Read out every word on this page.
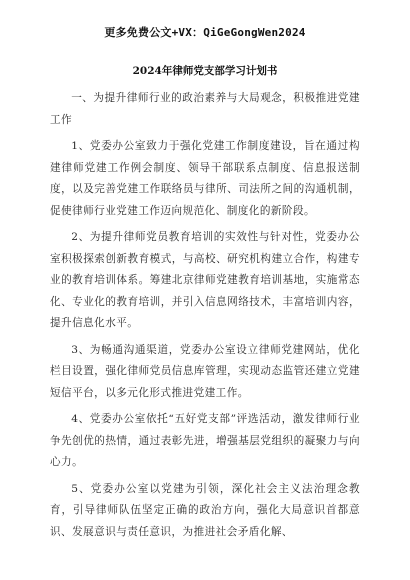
更多免费公文+VX：QiGeGongWen2024
2024年律师党支部学习计划书

一、为提升律师行业的政治素养与大局观念，积极推进党建工作

1、党委办公室致力于强化党建工作制度建设，旨在通过构建律师党建工作例会制度、领导干部联系点制度、信息报送制度，以及完善党建工作联络员与律所、司法所之间的沟通机制，促使律师行业党建工作迈向规范化、制度化的新阶段。

2、为提升律师党员教育培训的实效性与针对性，党委办公室积极探索创新教育模式，与高校、研究机构建立合作，构建专业的教育培训体系。筹建北京律师党建教育培训基地，实施常态化、专业化的教育培训，并引入信息网络技术，丰富培训内容，提升信息化水平。

3、为畅通沟通渠道，党委办公室设立律师党建网站，优化栏目设置，强化律师党员信息库管理，实现动态监管还建立党建短信平台，以多元化形式推进党建工作。

4、党委办公室依托“五好党支部”评选活动，激发律师行业争先创优的热情，通过表彰先进，增强基层党组织的凝聚力与向心力。

5、党委办公室以党建为引领，深化社会主义法治理念教育，引导律师队伍坚定正确的政治方向，强化大局意识首都意识、发展意识与责任意识，为推进社会矛盾化解、
